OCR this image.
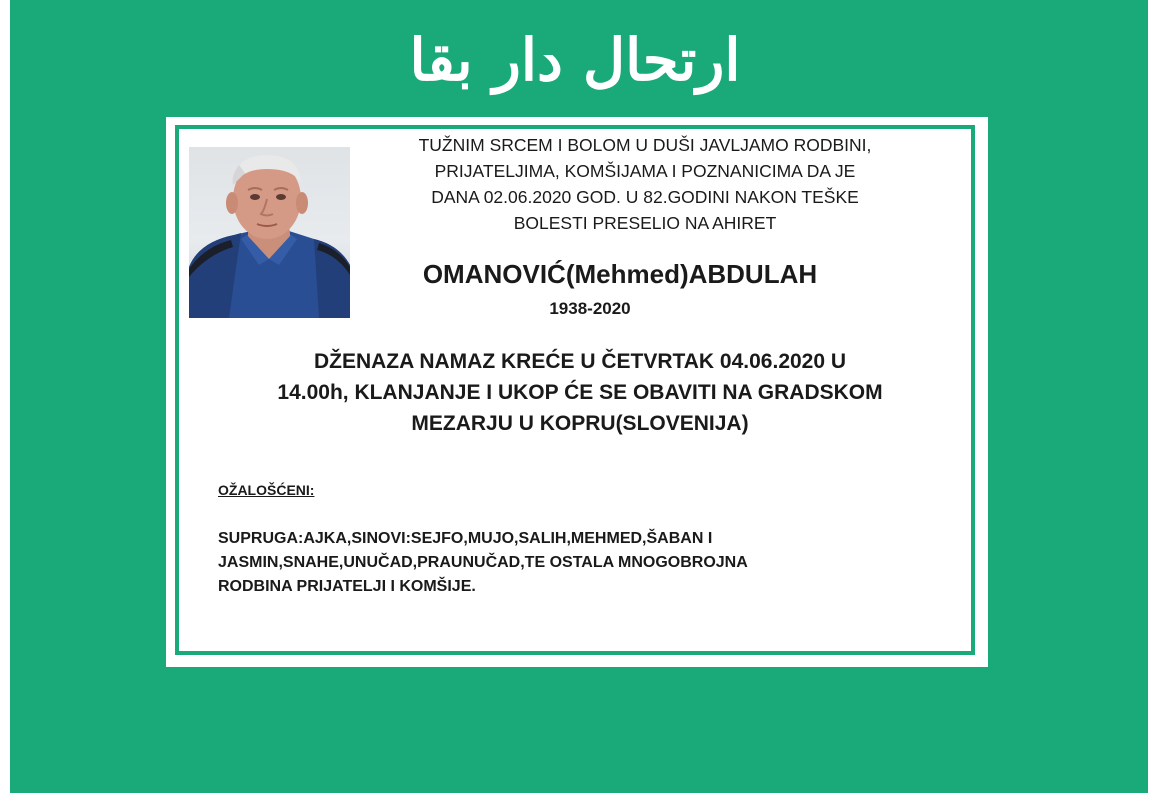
ارتحال دار بقا
TUŽNIM SRCEM I BOLOM U DUŠI JAVLJAMO RODBINI,
PRIJATELJIMA, KOMŠIJAMA I POZNANICIMA DA JE
DANA 02.06.2020 GOD. U 82.GODINI NAKON TEŠKE
BOLESTI PRESELIO NA AHIRET
OMANOVIĆ(Mehmed)ABDULAH
1938-2020
DŽENAZA NAMAZ KREĆE U ČETVRTAK 04.06.2020 U
14.00h, KLANJANJE I UKOP ĆE SE OBAVITI NA GRADSKOM
MEZARJU U KOPRU(SLOVENIJA)
OŽALOŠĆENI:
SUPRUGA:AJKA,SINOVI:SEJFO,MUJO,SALIH,MEHMED,ŠABAN I
JASMIN,SNAHE,UNUČAD,PRAUNUČAD,TE OSTALA MNOGOBROJNA
RODBINA PRIJATELJI I KOMŠIJE.
